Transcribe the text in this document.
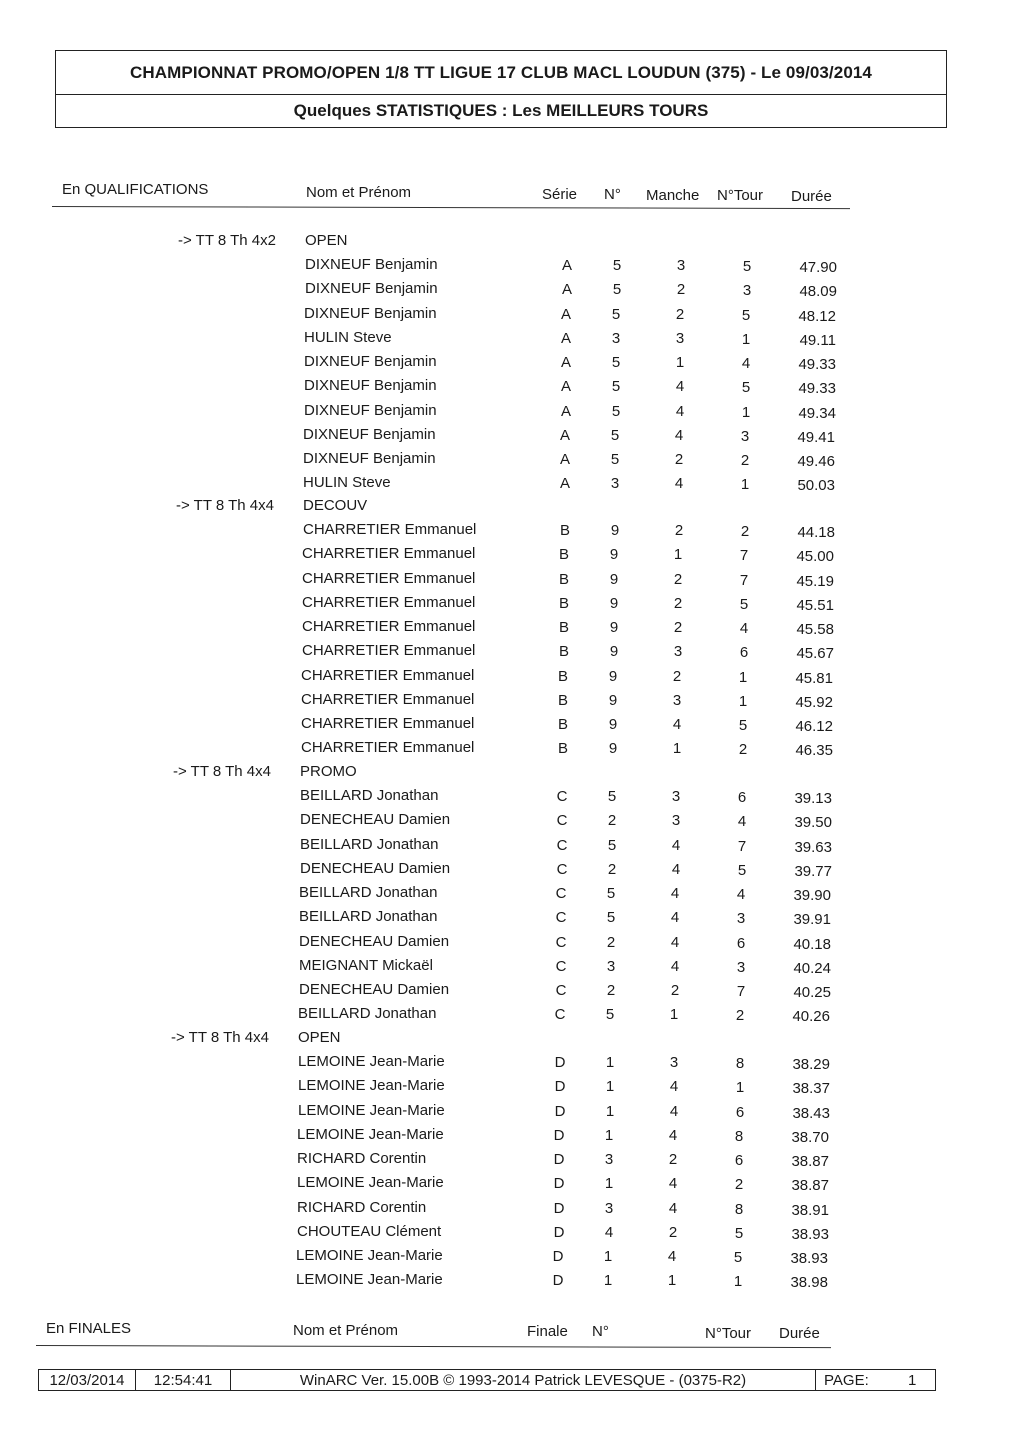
CHAMPIONNAT PROMO/OPEN 1/8 TT LIGUE 17 CLUB MACL LOUDUN (375) - Le 09/03/2014
Quelques STATISTIQUES : Les MEILLEURS TOURS
En QUALIFICATIONS	Nom et Prénom	Série N° Manche N°Tour Durée
-> TT 8 Th 4x2 OPEN
DIXNEUF Benjamin	A	5	3	5	47.90
DIXNEUF Benjamin	A	5	2	3	48.09
DIXNEUF Benjamin	A	5	2	5	48.12
HULIN Steve	A	3	3	1	49.11
DIXNEUF Benjamin	A	5	1	4	49.33
DIXNEUF Benjamin	A	5	4	5	49.33
DIXNEUF Benjamin	A	5	4	1	49.34
DIXNEUF Benjamin	A	5	4	3	49.41
DIXNEUF Benjamin	A	5	2	2	49.46
HULIN Steve	A	3	4	1	50.03
-> TT 8 Th 4x4 DECOUV
CHARRETIER Emmanuel	B	9	2	2	44.18
CHARRETIER Emmanuel	B	9	1	7	45.00
CHARRETIER Emmanuel	B	9	2	7	45.19
CHARRETIER Emmanuel	B	9	2	5	45.51
CHARRETIER Emmanuel	B	9	2	4	45.58
CHARRETIER Emmanuel	B	9	3	6	45.67
CHARRETIER Emmanuel	B	9	2	1	45.81
CHARRETIER Emmanuel	B	9	3	1	45.92
CHARRETIER Emmanuel	B	9	4	5	46.12
CHARRETIER Emmanuel	B	9	1	2	46.35
-> TT 8 Th 4x4 PROMO
BEILLARD Jonathan	C	5	3	6	39.13
DENECHEAU Damien	C	2	3	4	39.50
BEILLARD Jonathan	C	5	4	7	39.63
DENECHEAU Damien	C	2	4	5	39.77
BEILLARD Jonathan	C	5	4	4	39.90
BEILLARD Jonathan	C	5	4	3	39.91
DENECHEAU Damien	C	2	4	6	40.18
MEIGNANT Mickaël	C	3	4	3	40.24
DENECHEAU Damien	C	2	2	7	40.25
BEILLARD Jonathan	C	5	1	2	40.26
-> TT 8 Th 4x4 OPEN
LEMOINE Jean-Marie	D	1	3	8	38.29
LEMOINE Jean-Marie	D	1	4	1	38.37
LEMOINE Jean-Marie	D	1	4	6	38.43
LEMOINE Jean-Marie	D	1	4	8	38.70
RICHARD Corentin	D	3	2	6	38.87
LEMOINE Jean-Marie	D	1	4	2	38.87
RICHARD Corentin	D	3	4	8	38.91
CHOUTEAU Clément	D	4	2	5	38.93
LEMOINE Jean-Marie	D	1	4	5	38.93
LEMOINE Jean-Marie	D	1	1	1	38.98
En FINALES	Nom et Prénom	Finale N°	N°Tour Durée
12/03/2014	12:54:41	WinARC Ver. 15.00B © 1993-2014 Patrick LEVESQUE - (0375-R2)	PAGE:	1
